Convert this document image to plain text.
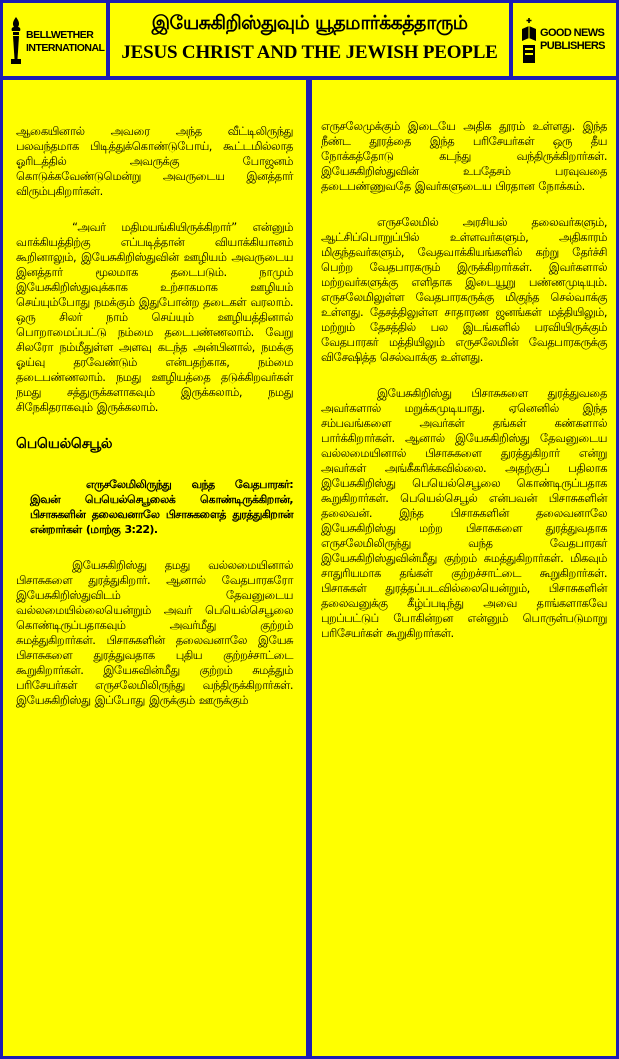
BELLWETHER
INTERNATIONAL
இயேசுகிறிஸ்துவும் யூதமார்க்கத்தாரும்
JESUS CHRIST AND THE JEWISH PEOPLE
GOOD NEWS
PUBLISHERS

ஆகையினால் அவரை அந்த வீட்டிலிருந்து பலவந்தமாக பிடித்துக்கொண்டுபோய், கூட்டமில்லாத ஓரிடத்தில் அவருக்கு போஜனம் கொடுக்கவேண்டுமென்று அவருடைய இனத்தார் விரும்புகிறார்கள்.

“அவர் மதிமயங்கியிருக்கிறார்” என்னும் வாக்கியத்திற்கு எப்படித்தான் வியாக்கியானம் கூறினாலும், இயேசுகிறிஸ்துவின் ஊழியம் அவருடைய இனத்தார் மூலமாக தடைபடும். நாமும் இயேசுகிறிஸ்துவுக்காக உற்சாகமாக ஊழியம் செய்யும்போது நமக்கும் இதுபோன்ற தடைகள் வரலாம். ஒரு சிலர் நாம் செய்யும் ஊழியத்தினால் பொறாமைப்பட்டு நம்மை தடைபண்ணலாம். வேறு சிலரோ நம்மீதுள்ள அளவு கடந்த அன்பினால், நமக்கு ஓய்வு தரவேண்டும் என்பதற்காக, நம்மை தடைபண்ணலாம். நமது ஊழியத்தை தடுக்கிறவர்கள் நமது சத்துருக்களாகவும் இருக்கலாம், நமது சிநேகிதராகவும் இருக்கலாம்.

பெயெல்செபூல்

எருசலேமிலிருந்து வந்த வேதபாரகர்: இவன் பெயெல்செபூலைக் கொண்டிருக்கிறான், பிசாசுகளின் தலைவனாலே பிசாசுகளைத் துரத்துகிறான் என்றார்கள் (மாற்கு 3:22).

இயேசுகிறிஸ்து தமது வல்லமையினால் பிசாசுகளை துரத்துகிறார். ஆனால் வேதபாரகரோ இயேசுகிறிஸ்துவிடம் தேவனுடைய வல்லமையில்லையென்றும் அவர் பெயெல்செபூலை கொண்டிருப்பதாகவும் அவர்மீது குற்றம் சுமத்துகிறார்கள். பிசாசுகளின் தலைவனாலே இயேசு பிசாசுகளை துரத்துவதாக புதிய குற்றச்சாட்டை கூறுகிறார்கள். இயேசுவின்மீது குற்றம் சுமத்தும் பரிசேயர்கள் எருசலேமிலிருந்து வந்திருக்கிறார்கள். இயேசுகிறிஸ்து இப்போது இருக்கும் ஊருக்கும்

எருசலேமுக்கும் இடையே அதிக தூரம் உள்ளது. இந்த நீண்ட தூரத்தை இந்த பரிசேயர்கள் ஒரு தீய நோக்கத்தோடு கடந்து வந்திருக்கிறார்கள். இயேசுகிறிஸ்துவின் உபதேசம் பரவுவதை தடைபண்ணுவதே இவர்களுடைய பிரதான நோக்கம்.

எருசலேமில் அரசியல் தலைவர்களும், ஆட்சிப்பொறுப்பில் உள்ளவர்களும், அதிகாரம் மிகுந்தவர்களும், வேதவாக்கியங்களில் கற்று தேர்ச்சி பெற்ற வேதபாரகரும் இருக்கிறார்கள். இவர்களால் மற்றவர்களுக்கு எளிதாக இடையூறு பண்ணமுடியும். எருசலேமிலுள்ள வேதபாரகருக்கு மிகுந்த செல்வாக்கு உள்ளது. தேசத்திலுள்ள சாதாரண ஜனங்கள் மத்தியிலும், மற்றும் தேசத்தில் பல இடங்களில் பரவியிருக்கும் வேதபாரகர் மத்தியிலும் எருசலேமின் வேதபாரகருக்கு விசேஷித்த செல்வாக்கு உள்ளது.

இயேசுகிறிஸ்து பிசாசுகளை துரத்துவதை அவர்களால் மறுக்கமுடியாது. ஏனெனில் இந்த சம்பவங்களை அவர்கள் தங்கள் கண்களால் பார்க்கிறார்கள். ஆனால் இயேசுகிறிஸ்து தேவனுடைய வல்லமையினால் பிசாசுகளை துரத்துகிறார் என்று அவர்கள் அங்கீகரிக்கவில்லை. அதற்குப் பதிலாக இயேசுகிறிஸ்து பெயெல்செபூலை கொண்டிருப்பதாக கூறுகிறார்கள். பெயெல்செபூல் என்பவன் பிசாசுகளின் தலைவன். இந்த பிசாசுகளின் தலைவனாலே இயேசுகிறிஸ்து மற்ற பிசாசுகளை துரத்துவதாக எருசலேமிலிருந்து வந்த வேதபாரகர் இயேசுகிறிஸ்துவின்மீது குற்றம் சுமத்துகிறார்கள். மிகவும் சாதுரியமாக தங்கள் குற்றச்சாட்டை கூறுகிறார்கள். பிசாசுகள் துரத்தப்படவில்லையென்றும், பிசாசுகளின் தலைவனுக்கு கீழ்ப்படிந்து அவை தாங்களாகவே புறப்பட்டுப் போகின்றன என்னும் பொருள்படுமாறு பரிசேயர்கள் கூறுகிறார்கள்.
